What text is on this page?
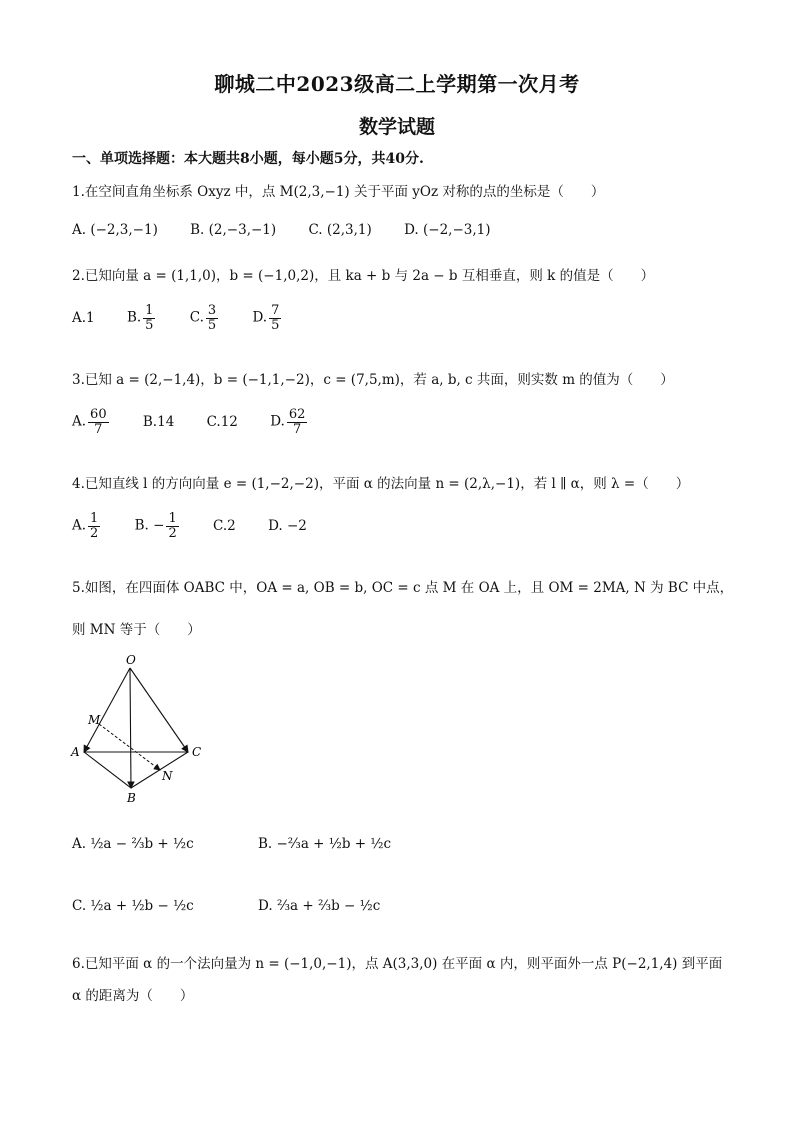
聊城二中2023级高二上学期第一次月考
数学试题
一、单项选择题：本大题共8小题，每小题5分，共40分.
1.在空间直角坐标系 Oxyz 中，点 M(2,3,−1) 关于平面 yOz 对称的点的坐标是（　　）
A. (−2,3,−1) B. (2,−3,−1) C. (2,3,1) D. (−2,−3,1)
2.已知向量 a = (1,1,0)，b = (−1,0,2)，且 ka + b 与 2a − b 互相垂直，则 k 的值是（　　）
A.1 B. $\frac{1}{5}$	C. $\frac{3}{5}$	D. $\frac{7}{5}$
3.已知 a = (2,−1,4)，b = (−1,1,−2)，c = (7,5,m)，若 a, b, c 共面，则实数 m 的值为（　　）
A. $\frac{60}{7}$	B.14 C.12 D. $\frac{62}{7}$
4.已知直线 l 的方向向量 e = (1,−2,−2)，平面 α 的法向量 n = (2,λ,−1)，若 l ∥ α，则 λ =（　　）
A. $\frac{1}{2}$	B. − $\frac{1}{2}$	C.2 D. −2
5.如图，在四面体 OABC 中，OA = a, OB = b, OC = c 点 M 在 OA 上，且 OM = 2MA, N 为 BC 中点，
则 MN 等于（　　）
O
M
A	C
B
N
A. ½a − ⅔b + ½c	B. −⅔a + ½b + ½c
C. ½a + ½b − ½c	D. ⅔a + ⅔b − ½c
6.已知平面 α 的一个法向量为 n = (−1,0,−1)，点 A(3,3,0) 在平面 α 内，则平面外一点 P(−2,1,4) 到平面
α 的距离为（　　）
